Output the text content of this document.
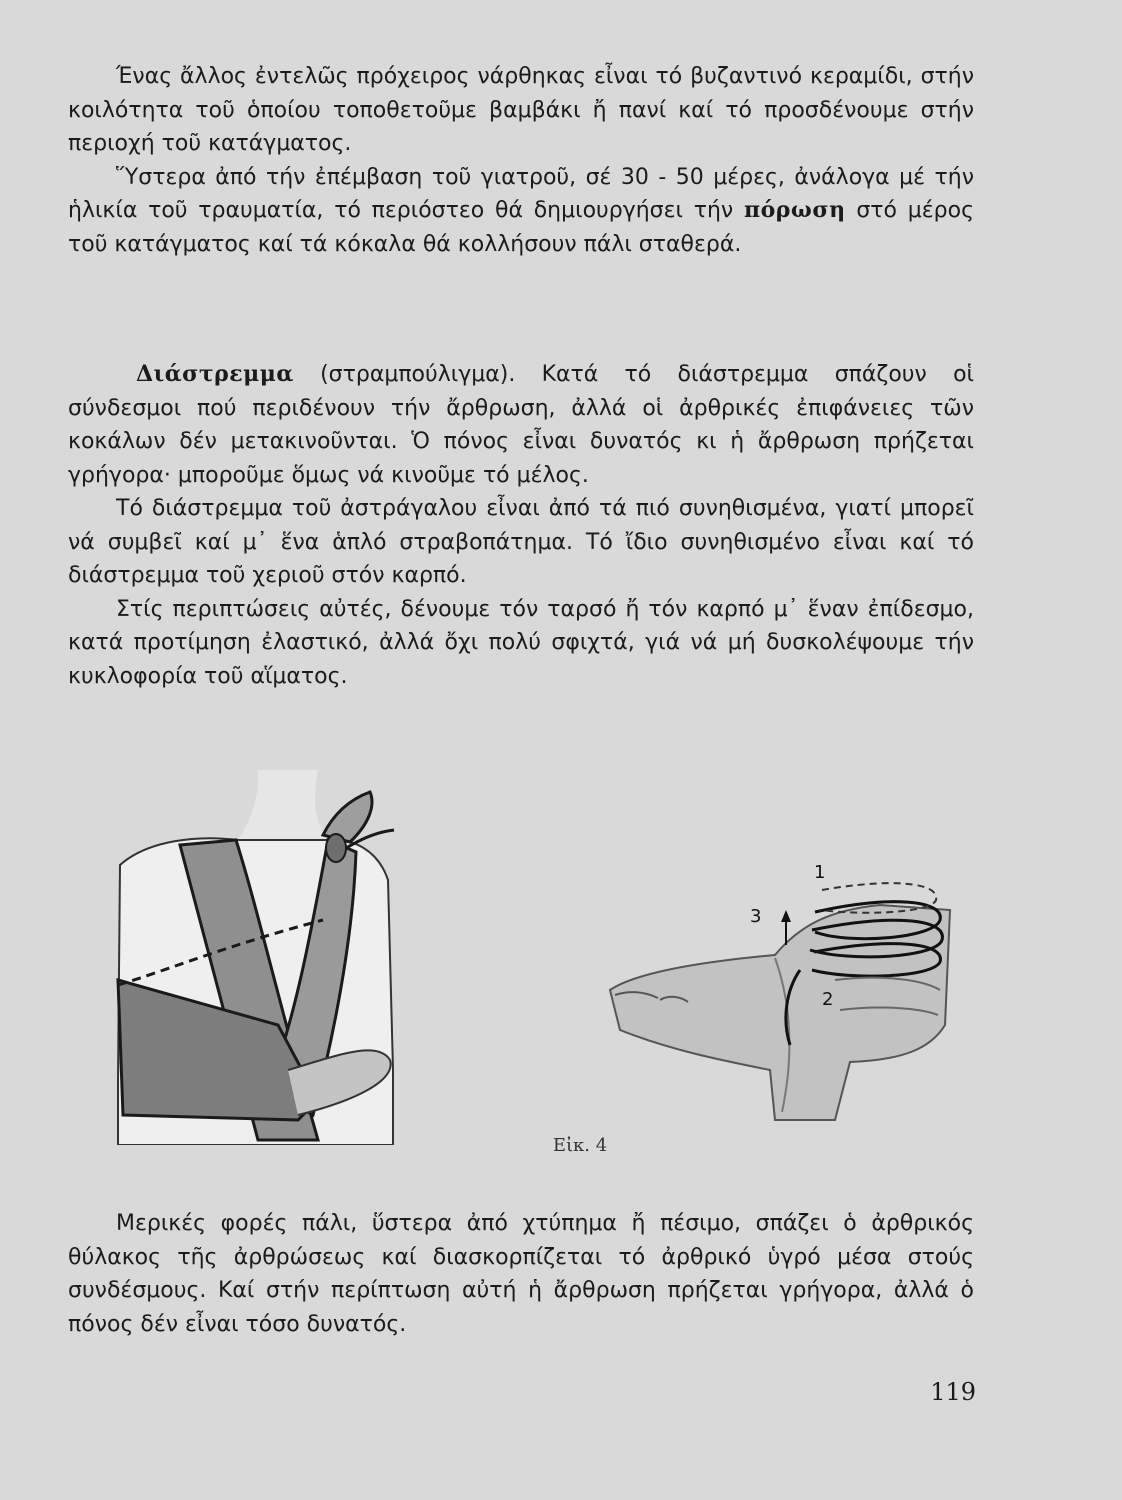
Ένας ἄλλος ἐντελῶς πρόχειρος νάρθηκας εἶναι τό βυζαντινό κεραμίδι, στήν κοιλότητα τοῦ ὁποίου τοποθετοῦμε βαμβάκι ἤ πανί καί τό προσδένουμε στήν περιοχή τοῦ κατάγματος.

Ὕστερα ἀπό τήν ἐπέμβαση τοῦ γιατροῦ, σέ 30 - 50 μέρες, ἀνάλογα μέ τήν ἡλικία τοῦ τραυματία, τό περιόστεο θά δημιουργήσει τήν πόρωση στό μέρος τοῦ κατάγματος καί τά κόκαλα θά κολλήσουν πάλι σταθερά.

Διάστρεμμα (στραμπούλιγμα). Κατά τό διάστρεμμα σπάζουν οἱ σύνδεσμοι πού περιδένουν τήν ἄρθρωση, ἀλλά οἱ ἀρθρικές ἐπιφάνειες τῶν κοκάλων δέν μετακινοῦνται. Ὁ πόνος εἶναι δυνατός κι ἡ ἄρθρωση πρήζεται γρήγορα· μποροῦμε ὅμως νά κινοῦμε τό μέλος.

Τό διάστρεμμα τοῦ ἀστράγαλου εἶναι ἀπό τά πιό συνηθισμένα, γιατί μπορεῖ νά συμβεῖ καί μ᾽ ἕνα ἁπλό στραβοπάτημα. Τό ἴδιο συνηθισμένο εἶναι καί τό διάστρεμμα τοῦ χεριοῦ στόν καρπό.

Στίς περιπτώσεις αὐτές, δένουμε τόν ταρσό ἤ τόν καρπό μ᾽ ἕναν ἐπίδεσμο, κατά προτίμηση ἐλαστικό, ἀλλά ὄχι πολύ σφιχτά, γιά νά μή δυσκολέψουμε τήν κυκλοφορία τοῦ αἵματος.

1
2
3
Εἰκ. 4

Μερικές φορές πάλι, ὕστερα ἀπό χτύπημα ἤ πέσιμο, σπάζει ὁ ἀρθρικός θύλακος τῆς ἀρθρώσεως καί διασκορπίζεται τό ἀρθρικό ὑγρό μέσα στούς συνδέσμους. Καί στήν περίπτωση αὐτή ἡ ἄρθρωση πρήζεται γρήγορα, ἀλλά ὁ πόνος δέν εἶναι τόσο δυνατός.

119
